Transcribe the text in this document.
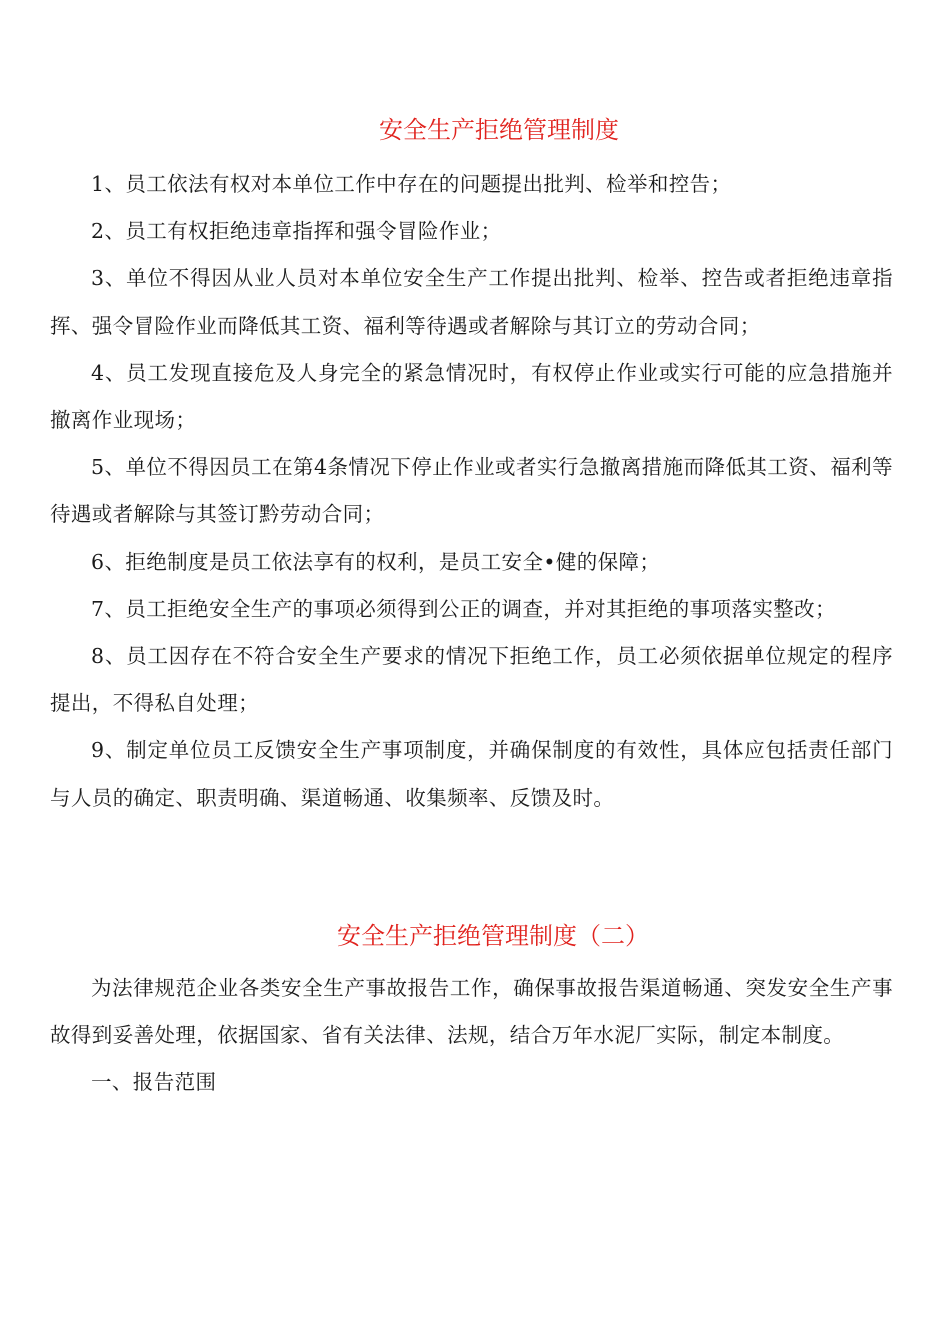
安全生产拒绝管理制度

1、员工依法有权对本单位工作中存在的问题提出批判、检举和控告；

2、员工有权拒绝违章指挥和强令冒险作业；

3、单位不得因从业人员对本单位安全生产工作提出批判、检举、控告或者拒绝违章指挥、强令冒险作业而降低其工资、福利等待遇或者解除与其订立的劳动合同；

4、员工发现直接危及人身完全的紧急情况时，有权停止作业或实行可能的应急措施并撤离作业现场；

5、单位不得因员工在第4条情况下停止作业或者实行急撤离措施而降低其工资、福利等待遇或者解除与其签订黔劳动合同；

6、拒绝制度是员工依法享有的权利，是员工安全•健的保障；

7、员工拒绝安全生产的事项必须得到公正的调查，并对其拒绝的事项落实整改；

8、员工因存在不符合安全生产要求的情况下拒绝工作，员工必须依据单位规定的程序提出，不得私自处理；

9、制定单位员工反馈安全生产事项制度，并确保制度的有效性，具体应包括责任部门与人员的确定、职责明确、渠道畅通、收集频率、反馈及时。

安全生产拒绝管理制度（二）

为法律规范企业各类安全生产事故报告工作，确保事故报告渠道畅通、突发安全生产事故得到妥善处理，依据国家、省有关法律、法规，结合万年水泥厂实际，制定本制度。

一、报告范围
